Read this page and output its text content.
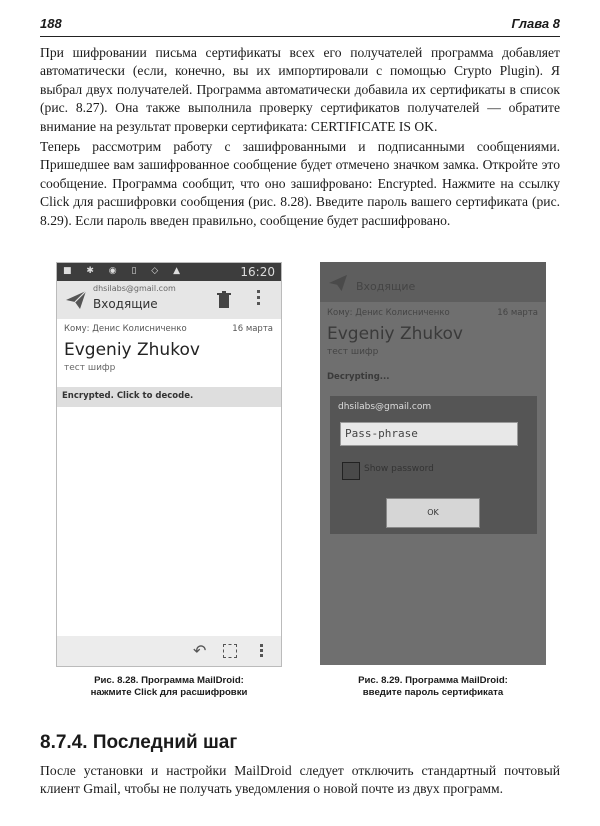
188	Глава 8

При шифровании письма сертификаты всех его получателей программа добавляет автоматически (если, конечно, вы их импортировали с помощью Crypto Plugin). Я выбрал двух получателей. Программа автоматически добавила их сертификаты в список (рис. 8.27). Она также выполнила проверку сертификатов получателей — обратите внимание на результат проверки сертификата: CERTIFICATE IS OK.

Теперь рассмотрим работу с зашифрованными и подписанными сообщениями. Пришедшее вам зашифрованное сообщение будет отмечено значком замка. Откройте это сообщение. Программа сообщит, что оно зашифровано: Encrypted. Нажмите на ссылку Click для расшифровки сообщения (рис. 8.28). Введите пароль вашего сертификата (рис. 8.29). Если пароль введен правильно, сообщение будет расшифровано.

■ ✱ ◉ ▯ ◇ ▲	16:20
dhsilabs@gmail.com
Входящие
Кому: Денис Колисниченко	16 марта
Evgeniy Zhukov
тест шифр
Encrypted. Click to decode.
↶
Входящие
Кому: Денис Колисниченко	16 марта
Evgeniy Zhukov
тест шифр
Decrypting...
dhsilabs@gmail.com
Pass-phrase
Show password
OK
Рис. 8.28. Программа MailDroid:
нажмите Click для расшифровки
Рис. 8.29. Программа MailDroid:
введите пароль сертификата
8.7.4. Последний шаг

После установки и настройки MailDroid следует отключить стандартный почтовый клиент Gmail, чтобы не получать уведомления о новой почте из двух программ.
